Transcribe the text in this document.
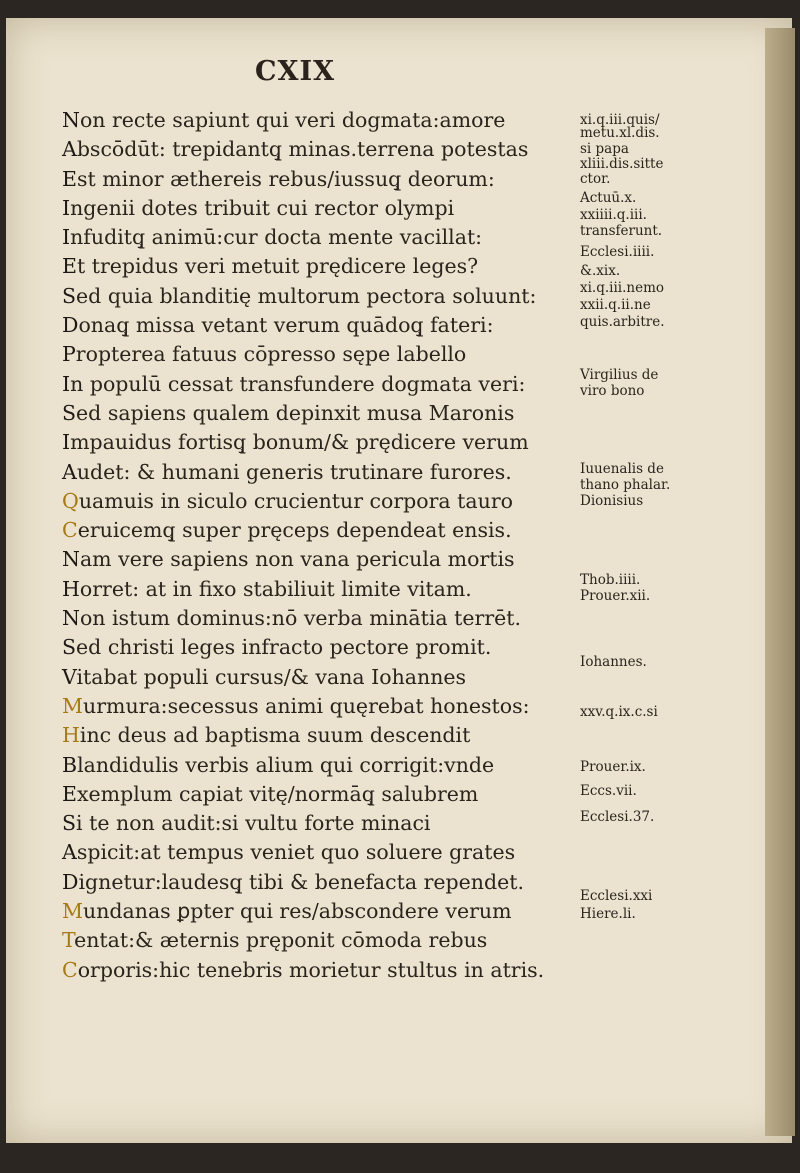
CXIX
Non recte sapiunt qui veri dogmata:amore
Abscōdūt: trepidantq̧ minas.terrena potestas
Est minor ætherei​s rebus/iussuq̧ deorum:
Ingenii dotes tribuit cui rector olympi
Infuditq̧ animū:cur docta mente vacillat:
Et trepidus veri metuit prędicere leges?
Sed quia blanditię multorum pectora soluunt:
Donaq̧ missa vetant verum quādoq̧ fateri:
Propterea fatuus cōpresso sępe labello
In populū cessat transfundere dogmata veri:
Sed sapiens qualem depinxit musa Maronis
Impauidus fortisq̧ bonum/& prędicere verum
Audet: & humani generis trutinare furores.
Quamuis in siculo crucientur corpora tauro
Ceruicemq̧ super pręceps dependeat ensis.
Nam vere sapiens non vana pericula mortis
Horret: at in fixo stabiliuit limite vitam.
Non istum dominus:nō verba minātia terrēt.
Sed christi leges infracto pectore promit.
Vitabat populi cursus/& vana Iohannes
Murmura:secessus animi quęrebat honestos:
Hinc deus ad baptisma suum descendit
Blandidulis verbis alium qui corrigit:vnde
Exemplum capiat vitę/normāq̧ salubrem
Si te non audit:si vultu forte minaci
Aspicit:at tempus veniet quo soluere grates
Dignetur:laudesq̧ tibi & benefacta rependet.
Mundanas ꝑpter qui res/abscondere verum
Tentat:& æternis pręponit cōmoda rebus
Corporis:hic tenebris morietur stultus in atris.
xi.q.iii.quis/
metu.xl.dis.
si papa
xliii.dis.sitte
ctor.
Actuū.x.
xxiiii.q.iii.
transferunt.
Ecclesi.iiii.
&.xix.
xi.q.iii.nemo
xxii.q.ii.ne
quis.arbitre.
Virgilius de
viro bono
Iuuenalis de
thano phalar.
Dionisius
Thob.iiii.
Prouer.xii.
Iohannes.
xxv.q.ix.c.si
Prouer.ix.
Eccs.vii.
Ecclesi.37.
Ecclesi.xxi
Hiere.li.
